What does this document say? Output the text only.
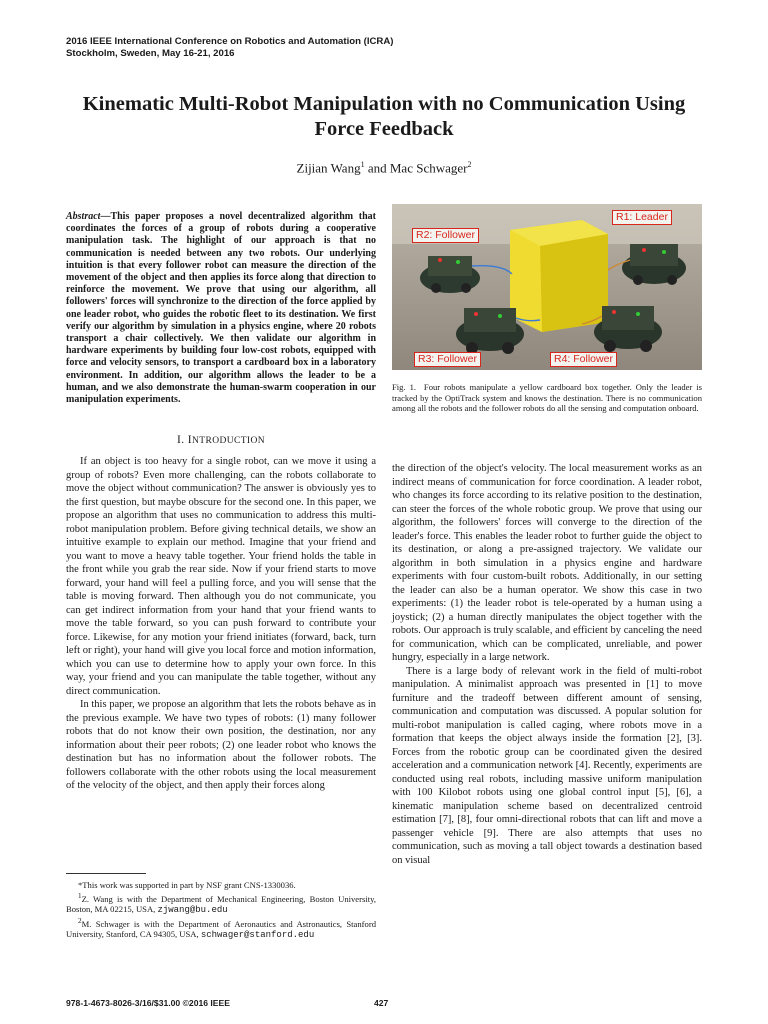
2016 IEEE International Conference on Robotics and Automation (ICRA)
Stockholm, Sweden, May 16-21, 2016
Kinematic Multi-Robot Manipulation with no Communication Using
Force Feedback
Zijian Wang$^1$ and Mac Schwager$^2$
Abstract—This paper proposes a novel decentralized algorithm that coordinates the forces of a group of robots during a cooperative manipulation task. The highlight of our approach is that no communication is needed between any two robots. Our underlying intuition is that every follower robot can measure the direction of the movement of the object and then applies its force along that direction to reinforce the movement. We prove that using our algorithm, all followers' forces will synchronize to the direction of the force applied by one leader robot, who guides the robotic fleet to its destination. We first verify our algorithm by simulation in a physics engine, where 20 robots transport a chair collectively. We then validate our algorithm in hardware experiments by building four low-cost robots, equipped with force and velocity sensors, to transport a cardboard box in a laboratory environment. In addition, our algorithm allows the leader to be a human, and we also demonstrate the human-swarm cooperation in our manipulation experiments.
I. INTRODUCTION

If an object is too heavy for a single robot, can we move it using a group of robots? Even more challenging, can the robots collaborate to move the object without communication? The answer is obviously yes to the first question, but maybe obscure for the second one. In this paper, we propose an algorithm that uses no communication to address this multi-robot manipulation problem. Before giving technical details, we show an intuitive example to explain our method. Imagine that your friend and you want to move a heavy table together. Your friend holds the table in the front while you grab the rear side. Now if your friend starts to move forward, your hand will feel a pulling force, and you will sense that the table is moving forward. Then although you do not communicate, you can get indirect information from your hand that your friend wants to move the table forward, so you can push forward to contribute your force. Likewise, for any motion your friend initiates (forward, back, turn left or right), your hand will give you local force and motion information, which you can use to determine how to apply your own force. In this way, your friend and you can manipulate the table together, without any direct communication.

In this paper, we propose an algorithm that lets the robots behave as in the previous example. We have two types of robots: (1) many follower robots that do not know their own position, the destination, nor any information about their peer robots; (2) one leader robot who knows the destination but has no information about the follower robots. The followers collaborate with the other robots using the local measurement of the velocity of the object, and then apply their forces along

*This work was supported in part by NSF grant CNS-1330036.

$^1$Z. Wang is with the Department of Mechanical Engineering, Boston University, Boston, MA 02215, USA, zjwang@bu.edu

$^2$M. Schwager is with the Department of Aeronautics and Astronautics, Stanford University, Stanford, CA 94305, USA, schwager@stanford.edu

R1: Leader
R2: Follower
R3: Follower	R4: Follower
Fig. 1. Four robots manipulate a yellow cardboard box together. Only the leader is tracked by the OptiTrack system and knows the destination. There is no communication among all the robots and the follower robots do all the sensing and computation onboard.

the direction of the object's velocity. The local measurement works as an indirect means of communication for force coordination. A leader robot, who changes its force according to its relative position to the destination, can steer the forces of the whole robotic group. We prove that using our algorithm, the followers' forces will converge to the direction of the leader's force. This enables the leader robot to further guide the object to its destination, or along a pre-assigned trajectory. We validate our algorithm in both simulation in a physics engine and hardware experiments with four custom-built robots. Additionally, in our setting the leader can also be a human operator. We show this case in two experiments: (1) the leader robot is tele-operated by a human using a joystick; (2) a human directly manipulates the object together with the robots. Our approach is truly scalable, and efficient by canceling the need for communication, which can be complicated, unreliable, and power hungry, especially in a large network.

There is a large body of relevant work in the field of multi-robot manipulation. A minimalist approach was presented in [1] to move furniture and the tradeoff between different amount of sensing, communication and computation was discussed. A popular solution for multi-robot manipulation is called caging, where robots move in a formation that keeps the object always inside the formation [2], [3]. Forces from the robotic group can be coordinated given the desired acceleration and a communication network [4]. Recently, experiments are conducted using real robots, including massive uniform manipulation with 100 Kilobot robots using one global control input [5], [6], a kinematic manipulation scheme based on decentralized centroid estimation [7], [8], four omni-directional robots that can lift and move a passenger vehicle [9]. There are also attempts that uses no communication, such as moving a tall object towards a destination based on visual

978-1-4673-8026-3/16/$31.00 ©2016 IEEE	427
